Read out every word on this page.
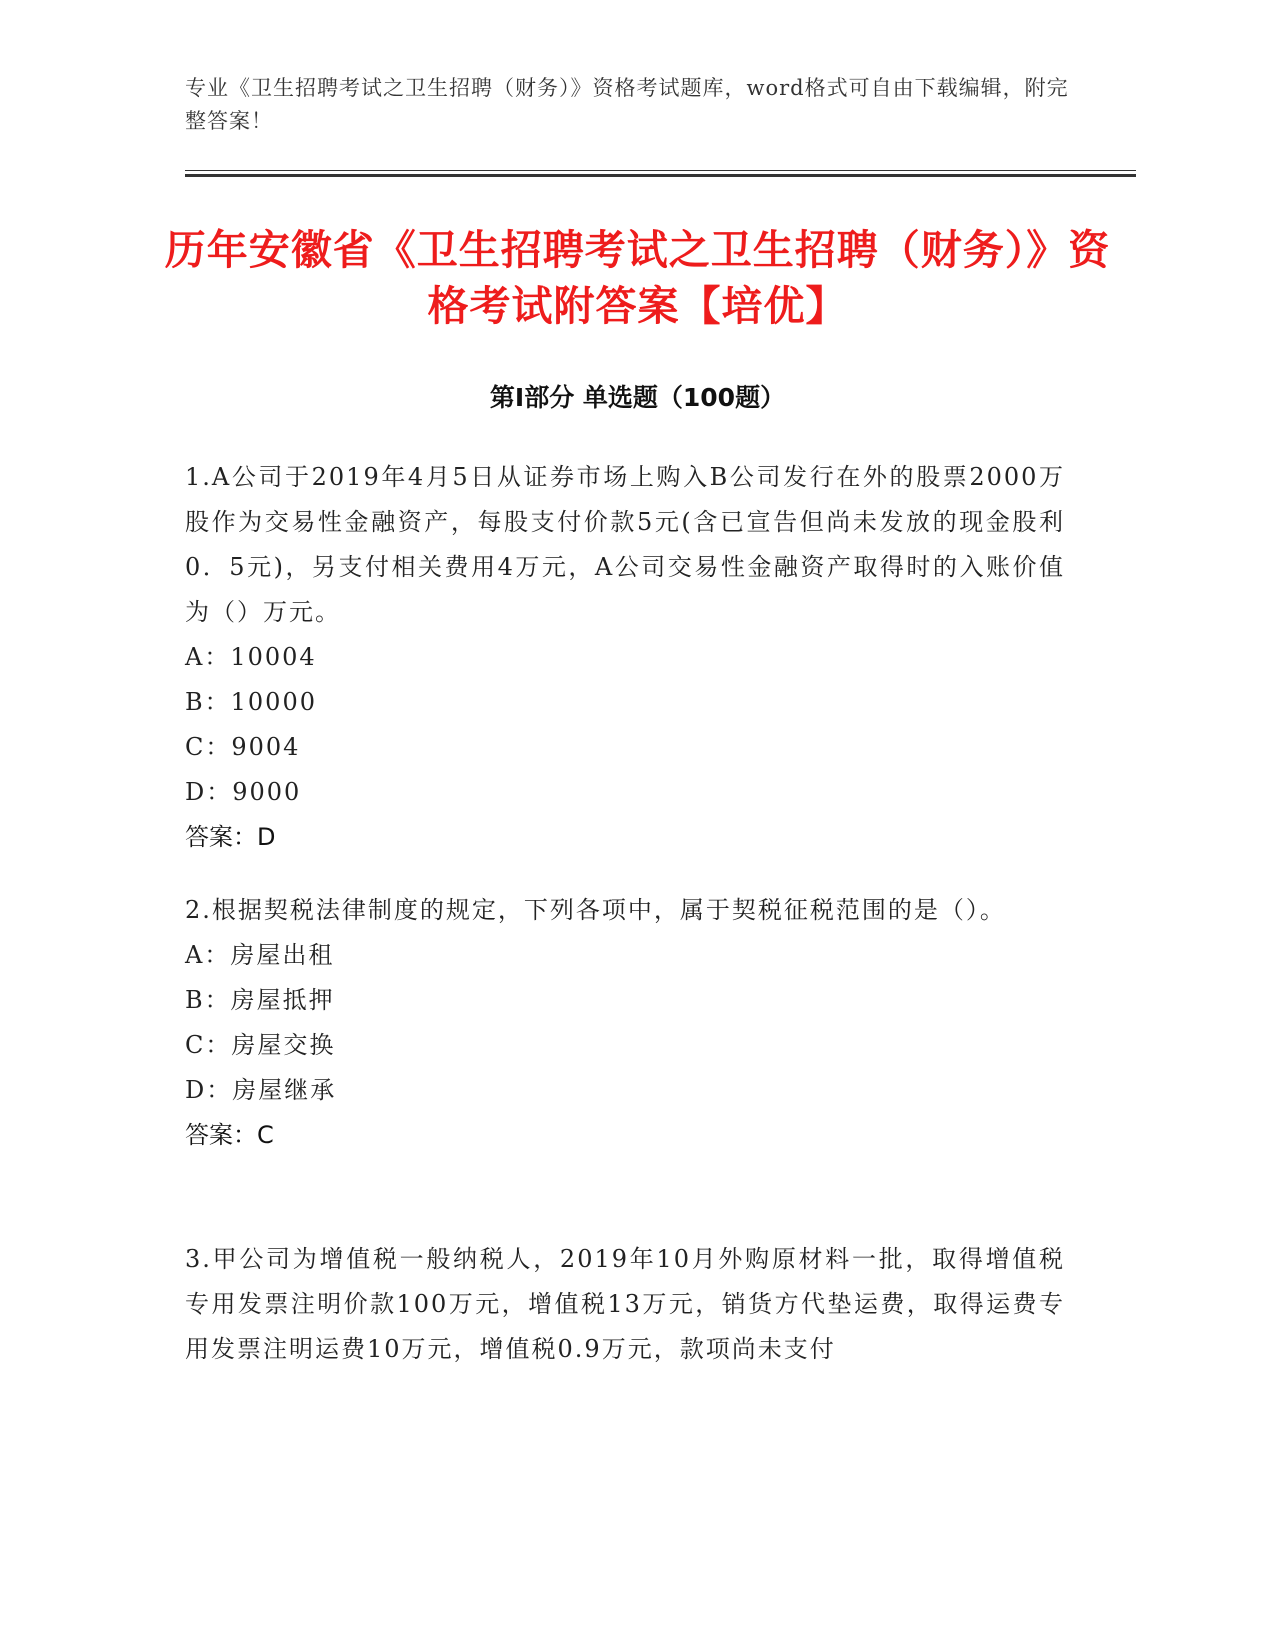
专业《卫生招聘考试之卫生招聘（财务）》资格考试题库，word格式可自由下载编辑，附完整答案！
历年安徽省《卫生招聘考试之卫生招聘（财务）》资格考试附答案【培优】
第Ⅰ部分 单选题（100题）
1.A公司于2019年4月5日从证券市场上购入B公司发行在外的股票2000万股作为交易性金融资产，每股支付价款5元(含已宣告但尚未发放的现金股利0．5元)，另支付相关费用4万元，A公司交易性金融资产取得时的入账价值为（）万元。
A：10004
B：10000
C：9004
D：9000
答案：D
2.根据契税法律制度的规定，下列各项中，属于契税征税范围的是（）。
A：房屋出租
B：房屋抵押
C：房屋交换
D：房屋继承
答案：C
3.甲公司为增值税一般纳税人，2019年10月外购原材料一批，取得增值税专用发票注明价款100万元，增值税13万元，销货方代垫运费，取得运费专用发票注明运费10万元，增值税0.9万元，款项尚未支付
